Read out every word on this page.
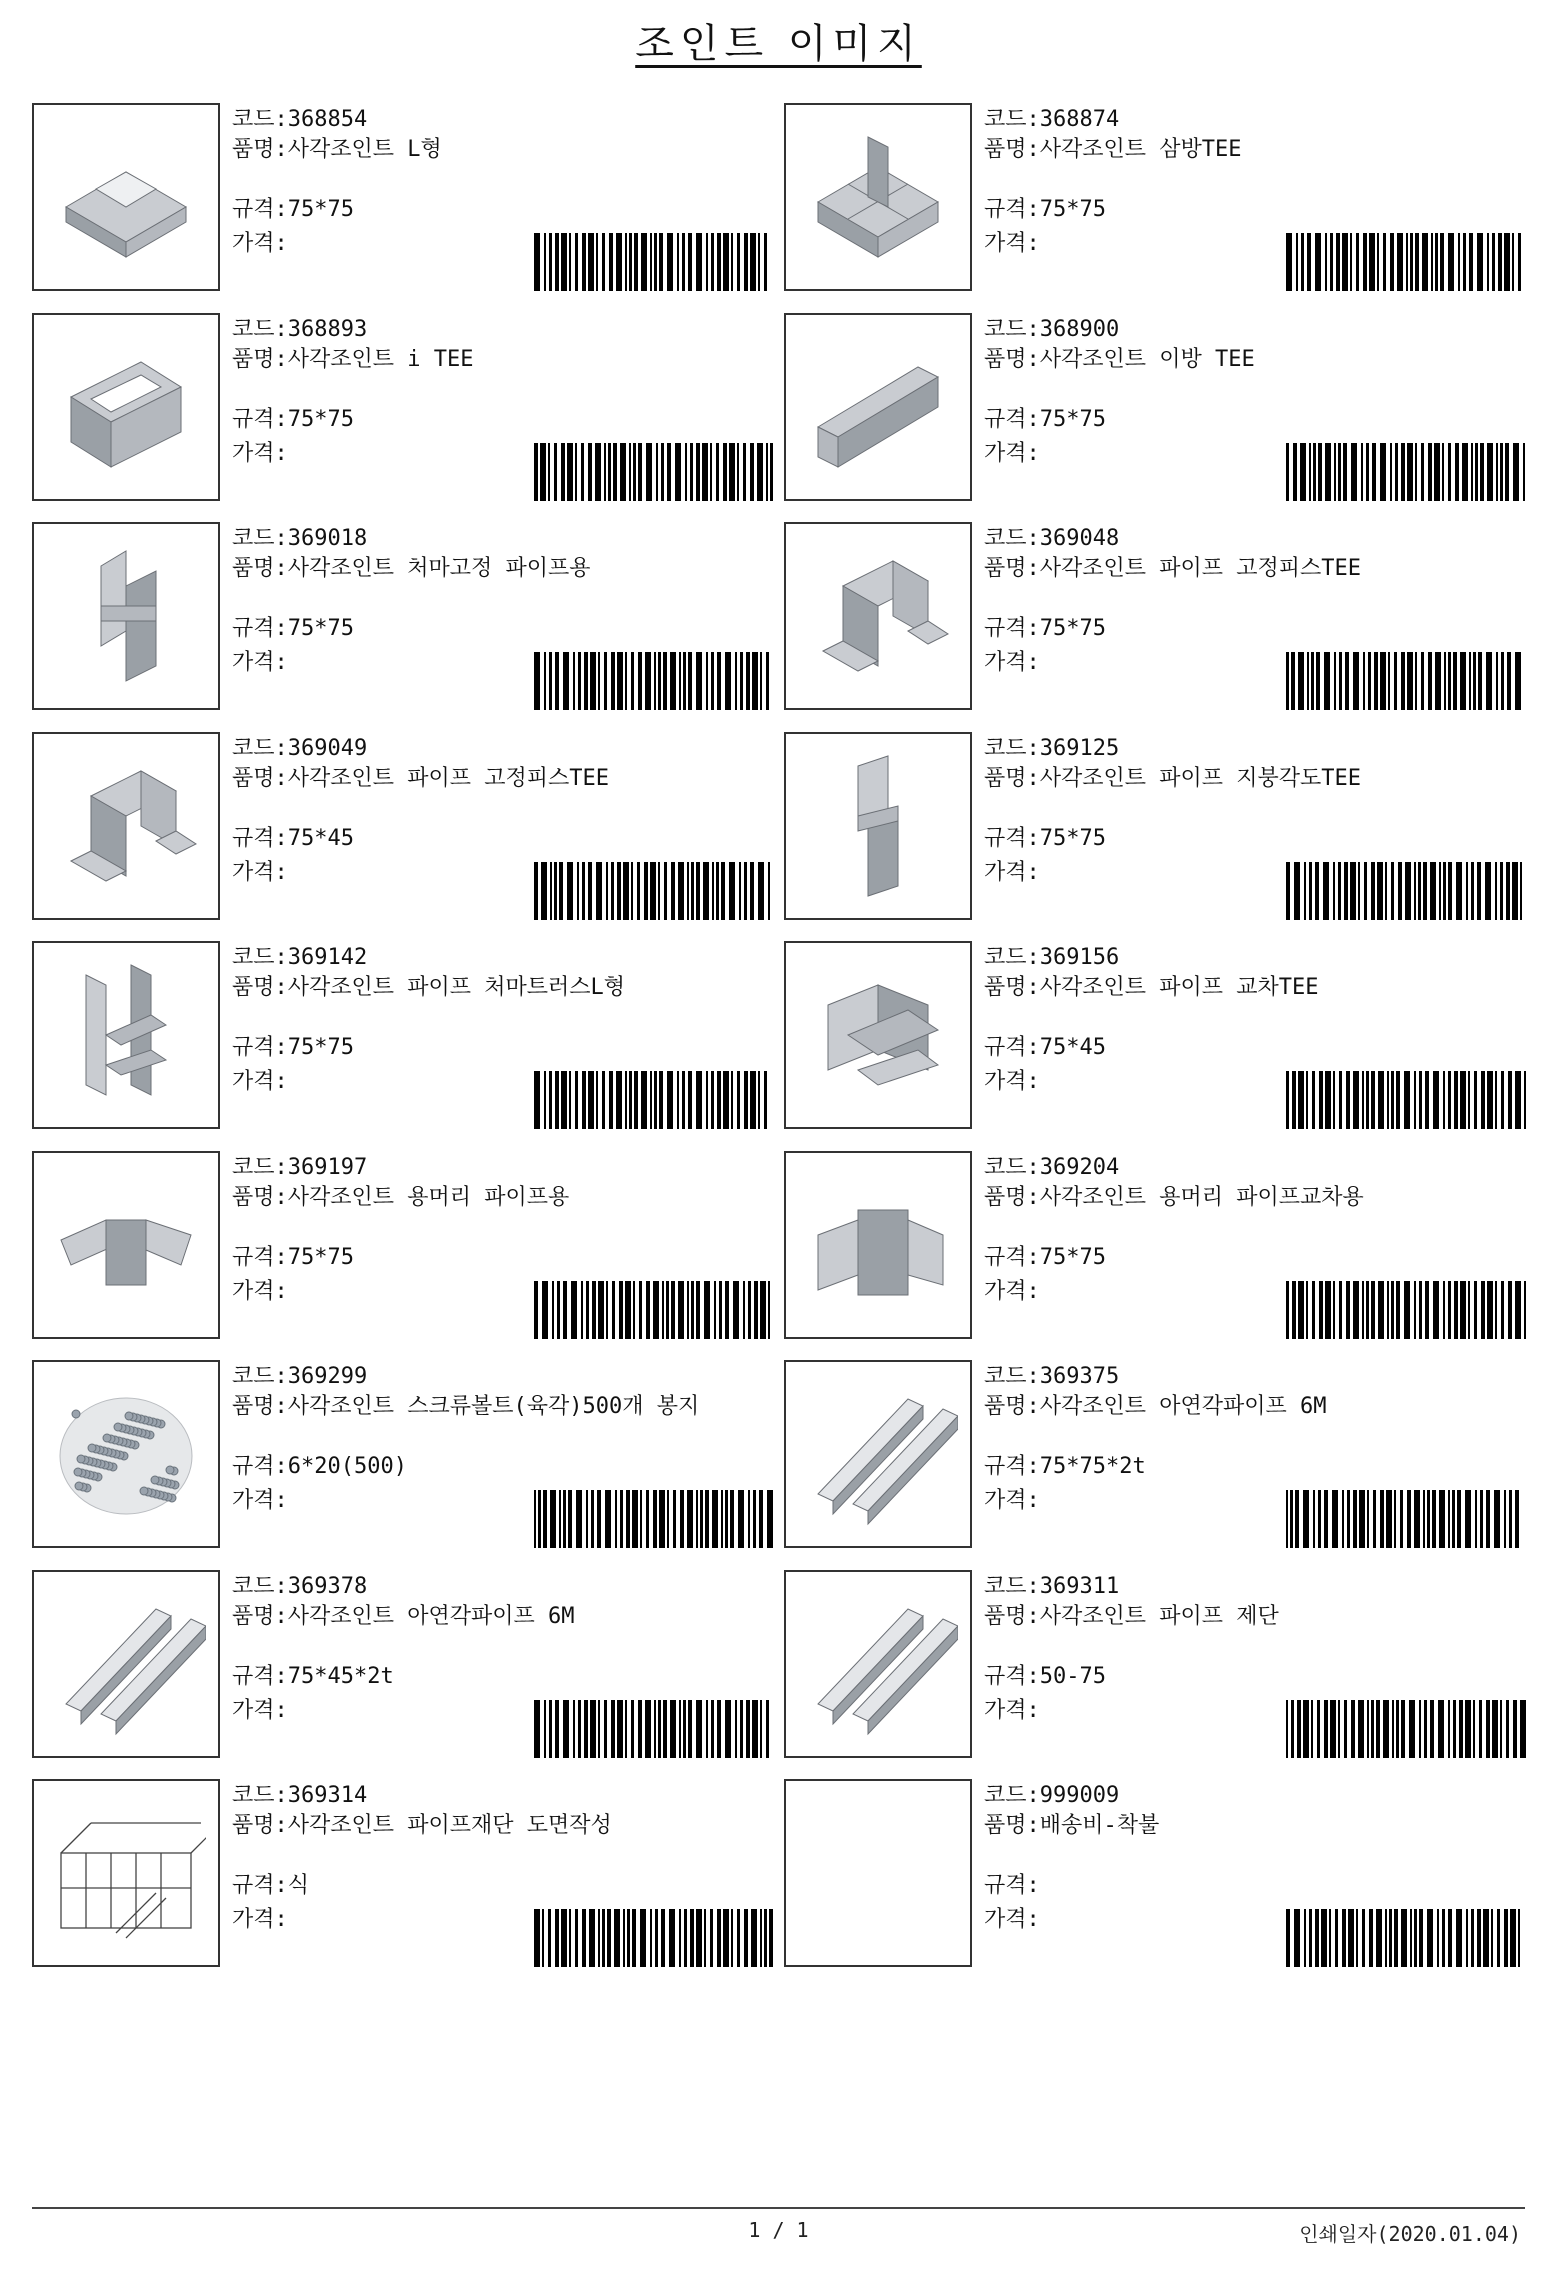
조인트 이미지
코드:368854
품명:사각조인트 L형
규격:75*75
가격:
코드:368874
품명:사각조인트 삼방TEE
규격:75*75
가격:
코드:368893
품명:사각조인트 i TEE
규격:75*75
가격:
코드:368900
품명:사각조인트 이방 TEE
규격:75*75
가격:
코드:369018
품명:사각조인트 처마고정 파이프용
규격:75*75
가격:
코드:369048
품명:사각조인트 파이프 고정피스TEE
규격:75*75
가격:
코드:369049
품명:사각조인트 파이프 고정피스TEE
규격:75*45
가격:
코드:369125
품명:사각조인트 파이프 지붕각도TEE
규격:75*75
가격:
코드:369142
품명:사각조인트 파이프 처마트러스L형
규격:75*75
가격:
코드:369156
품명:사각조인트 파이프 교차TEE
규격:75*45
가격:
코드:369197
품명:사각조인트 용머리 파이프용
규격:75*75
가격:
코드:369204
품명:사각조인트 용머리 파이프교차용
규격:75*75
가격:
코드:369299
품명:사각조인트 스크류볼트(육각)500개 봉지
규격:6*20(500)
가격:
코드:369375
품명:사각조인트 아연각파이프 6M
규격:75*75*2t
가격:
코드:369378
품명:사각조인트 아연각파이프 6M
규격:75*45*2t
가격:
코드:369311
품명:사각조인트 파이프 제단
규격:50-75
가격:
코드:369314
품명:사각조인트 파이프재단 도면작성
규격:식
가격:
코드:999009
품명:배송비-착불
규격:
가격:
1 / 1	인쇄일자(2020.01.04)
